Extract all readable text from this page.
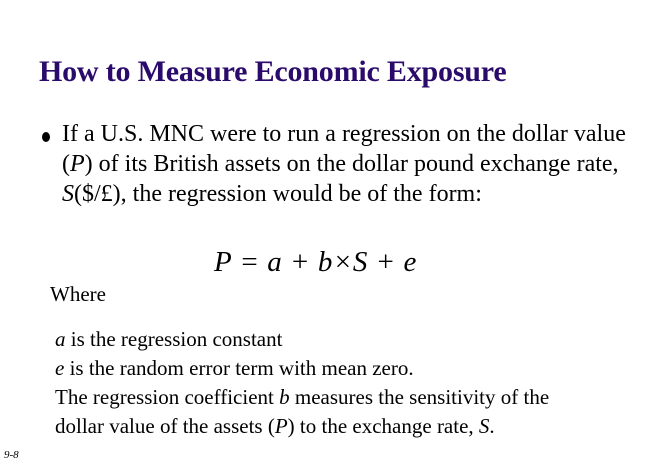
How to Measure Economic Exposure
If a U.S. MNC were to run a regression on the dollar value (P) of its British assets on the dollar pound exchange rate, S($/£), the regression would be of the form:
P = a + b×S + e
Where
a is the regression constant
e is the random error term with mean zero.
The regression coefficient b measures the sensitivity of the
dollar value of the assets (P) to the exchange rate, S.
9-8
